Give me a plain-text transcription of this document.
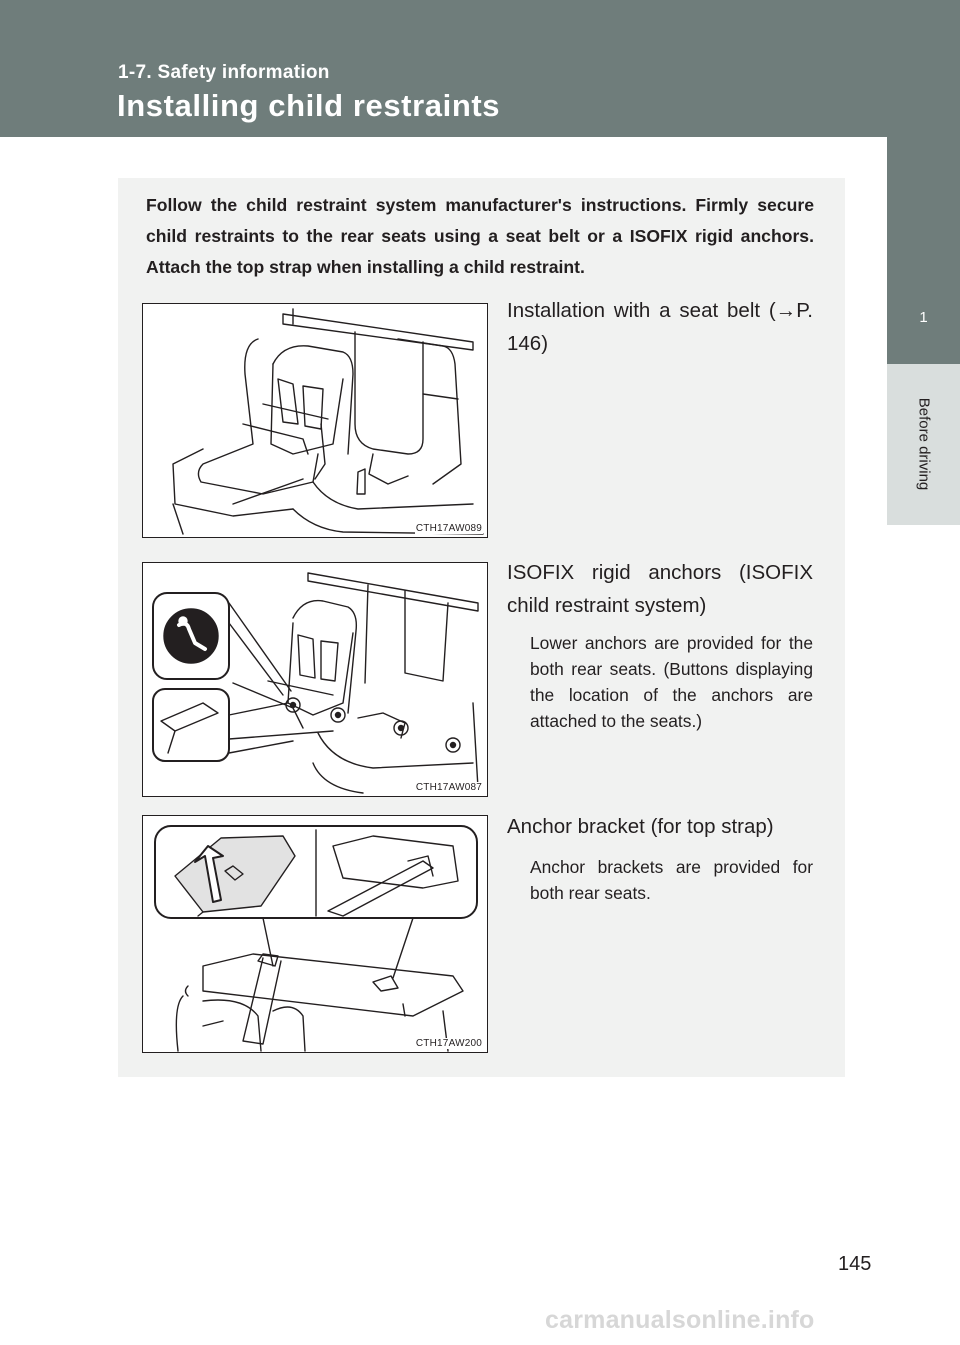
1-7. Safety information
Installing child restraints
1
Before driving
Follow the child restraint system manufacturer's instructions. Firmly secure child restraints to the rear seats using a seat belt or a ISOFIX rigid anchors. Attach the top strap when installing a child restraint.
CTH17AW089
CTH17AW087
CTH17AW200
Installation with a seat belt (→P. 146)
ISOFIX rigid anchors (ISOFIX child restraint system)
Lower anchors are provided for the both rear seats. (Buttons displaying the location of the anchors are attached to the seats.)
Anchor bracket (for top strap)
Anchor brackets are provided for both rear seats.
145
carmanualsonline.info
